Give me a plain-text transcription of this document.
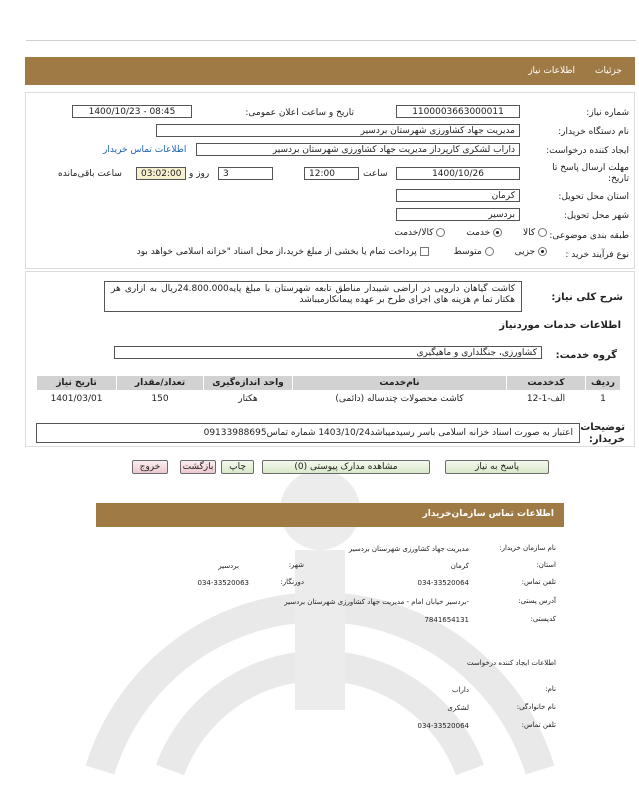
جزئیات
اطلاعات نیاز
شماره نیاز:
1100003663000011
تاریخ و ساعت اعلان عمومی:
1400/10/23 - 08:45
نام دستگاه خریدار:
مدیریت جهاد کشاورزی شهرستان بردسیر
ایجاد کننده درخواست:
داراب لشکری کارپرداز مدیریت جهاد کشاورزی شهرستان بردسیر
اطلاعات تماس خریدار
مهلت ارسال پاسخ تا تاریخ:
1400/10/26
ساعت
12:00
3
روز و
03:02:00
ساعت باقی‌مانده
استان محل تحویل:
کرمان
شهر محل تحویل:
بردسیر
طبقه بندی موضوعی:
کالا  خدمت  کالا/خدمت
نوع فرآیند خرید :
جزیی  متوسط  پرداخت تمام یا بخشی از مبلغ خرید،از محل اسناد "خزانه اسلامی خواهد بود
شرح کلی نیاز:
کاشت گیاهان دارویی در اراضی شیبدار مناطق تابعه شهرستان با مبلغ پایه24.800.000ریال به ازاری هر هکتار تما م هزینه های اجرای طرح بر عهده پیمانکارمیباشد
اطلاعات خدمات مورد‌نیاز
گروه خدمت:
کشاورزی، جنگلداری و ماهیگیری
ردیف	کدخدمت	نام‌خدمت	واحد اندازه‌گیری	تعداد/مقدار	تاریخ نیاز
1	الف-1-12	کاشت محصولات چندساله (دائمی)	هکتار	150	1401/03/01
توضیحات خریدار:
اعتبار به صورت اسناد خزانه اسلامی باسر رسیدمیباشد1403/10/24 شماره تماس09133988695
پاسخ به نیاز
مشاهده مدارک پیوستی (0)
چاپ
بازگشت
خروج
اطلاعات تماس سازمان‌خریدار
نام سازمان خریدار:
مدیریت جهاد کشاورزی شهرستان بردسیر
استان:
کرمان
شهر:
بردسیر
تلفن تماس:
034-33520064
دورنگار:
034-33520063
آدرس پستی:
-بردسیر خیابان امام - مدیریت جهاد کشاورزی شهرستان بردسیر
کدپستی:
7841654131
اطلاعات ایجاد کننده درخواست
نام:
داراب
نام خانوادگی:
لشکری
تلفن تماس:
034-33520064
